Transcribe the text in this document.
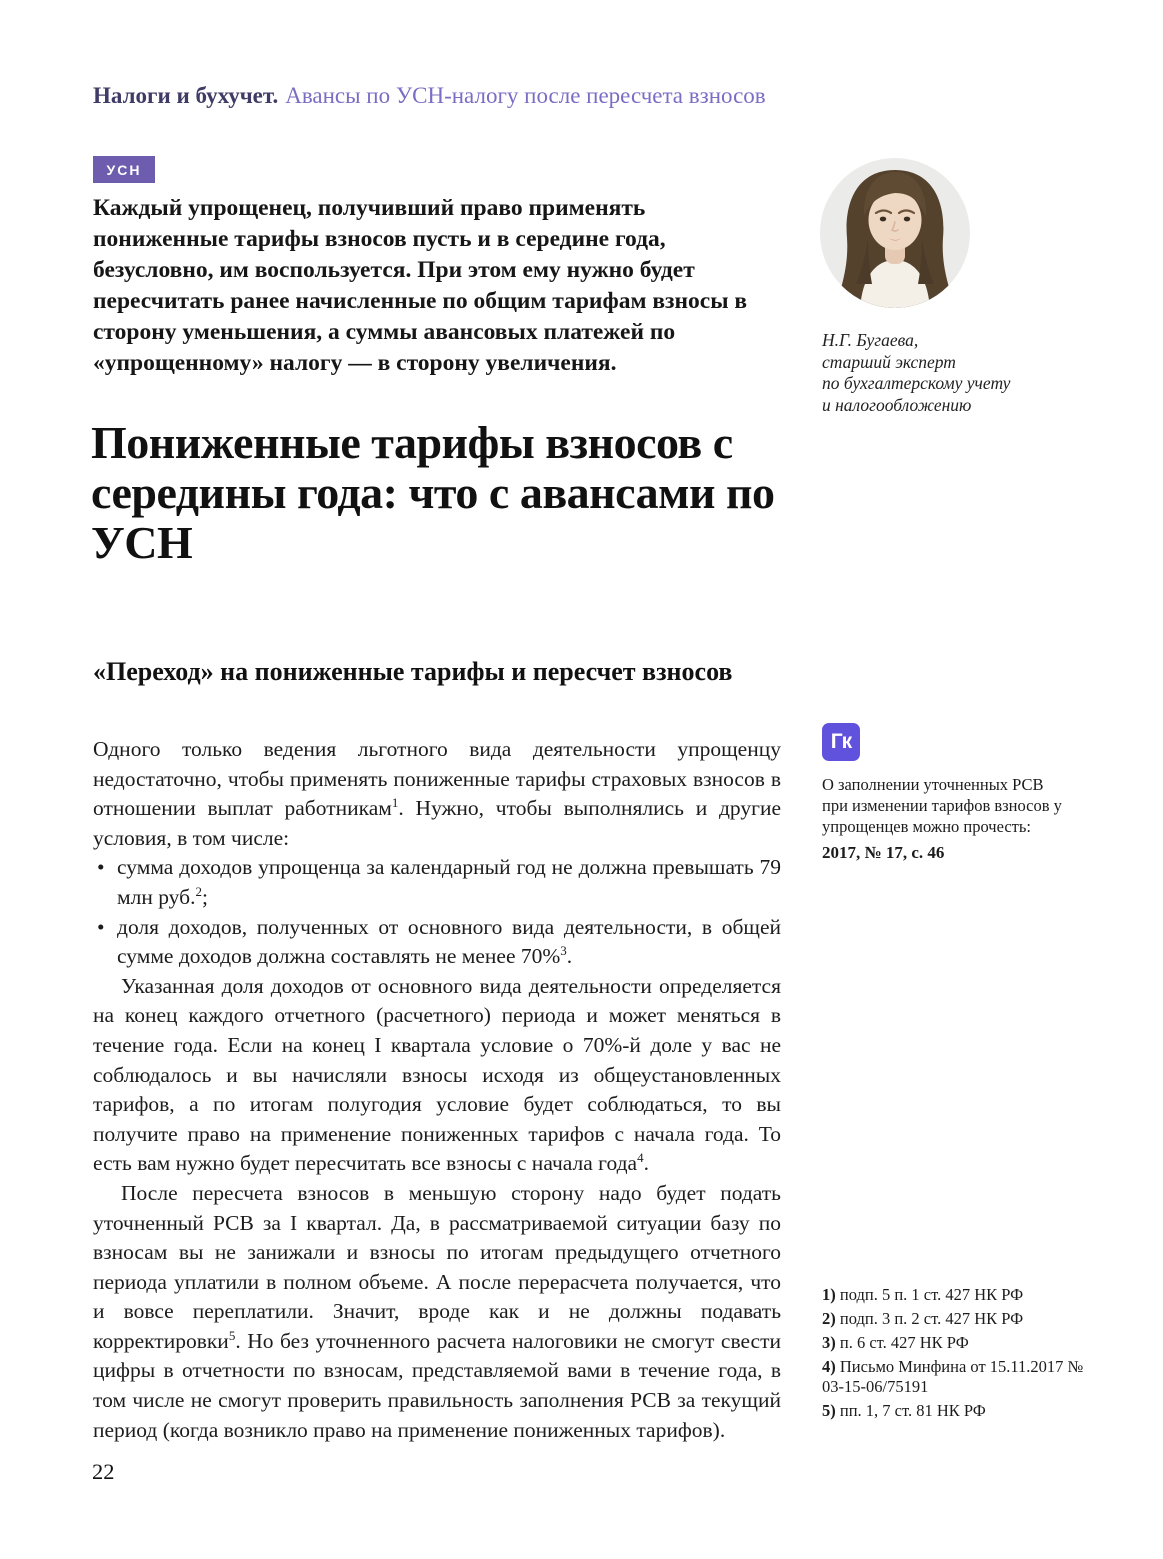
Налоги и бухучет. Авансы по УСН-налогу после пересчета взносов
УСН

Каждый упрощенец, получивший право применять пониженные тарифы взносов пусть и в середине года, безусловно, им воспользуется. При этом ему нужно будет пересчитать ранее начисленные по общим тарифам взносы в сторону уменьшения, а суммы авансовых платежей по «упрощенному» налогу — в сторону увеличения.

Н.Г. Бугаева,
старший эксперт
по бухгалтерскому учету
и налогообложению
Пониженные тарифы взносов с середины года: что с авансами по УСН
«Переход» на пониженные тарифы и пересчет взносов

Одного только ведения льготного вида деятельности упрощенцу недостаточно, чтобы применять пониженные тарифы страховых взносов в отношении выплат работникам$^1$. Нужно, чтобы выполнялись и другие условия, в том числе:

• сумма доходов упрощенца за календарный год не должна превышать 79 млн руб.$^2$;
• доля доходов, полученных от основного вида деятельности, в общей сумме доходов должна составлять не менее 70%$^3$.

Указанная доля доходов от основного вида деятельности определяется на конец каждого отчетного (расчетного) периода и может меняться в течение года. Если на конец I квартала условие о 70%-й доле у вас не соблюдалось и вы начисляли взносы исходя из общеустановленных тарифов, а по итогам полугодия условие будет соблюдаться, то вы получите право на применение пониженных тарифов с начала года. То есть вам нужно будет пересчитать все взносы с начала года$^4$.

После пересчета взносов в меньшую сторону надо будет подать уточненный РСВ за I квартал. Да, в рассматриваемой ситуации базу по взносам вы не занижали и взносы по итогам предыдущего отчетного периода уплатили в полном объеме. А после перерасчета получается, что и вовсе переплатили. Значит, вроде как и не должны подавать корректировки$^5$. Но без уточненного расчета налоговики не смогут свести цифры в отчетности по взносам, представляемой вами в течение года, в том числе не смогут проверить правильность заполнения РСВ за текущий период (когда возникло право на применение пониженных тарифов).

Гк

О заполнении уточненных РСВ при изменении тарифов взносов у упрощенцев можно прочесть:

2017, № 17, с. 46

1) подп. 5 п. 1 ст. 427 НК РФ

2) подп. 3 п. 2 ст. 427 НК РФ

3) п. 6 ст. 427 НК РФ

4) Письмо Минфина от 15.11.2017 № 03-15-06/75191

5) пп. 1, 7 ст. 81 НК РФ

22
